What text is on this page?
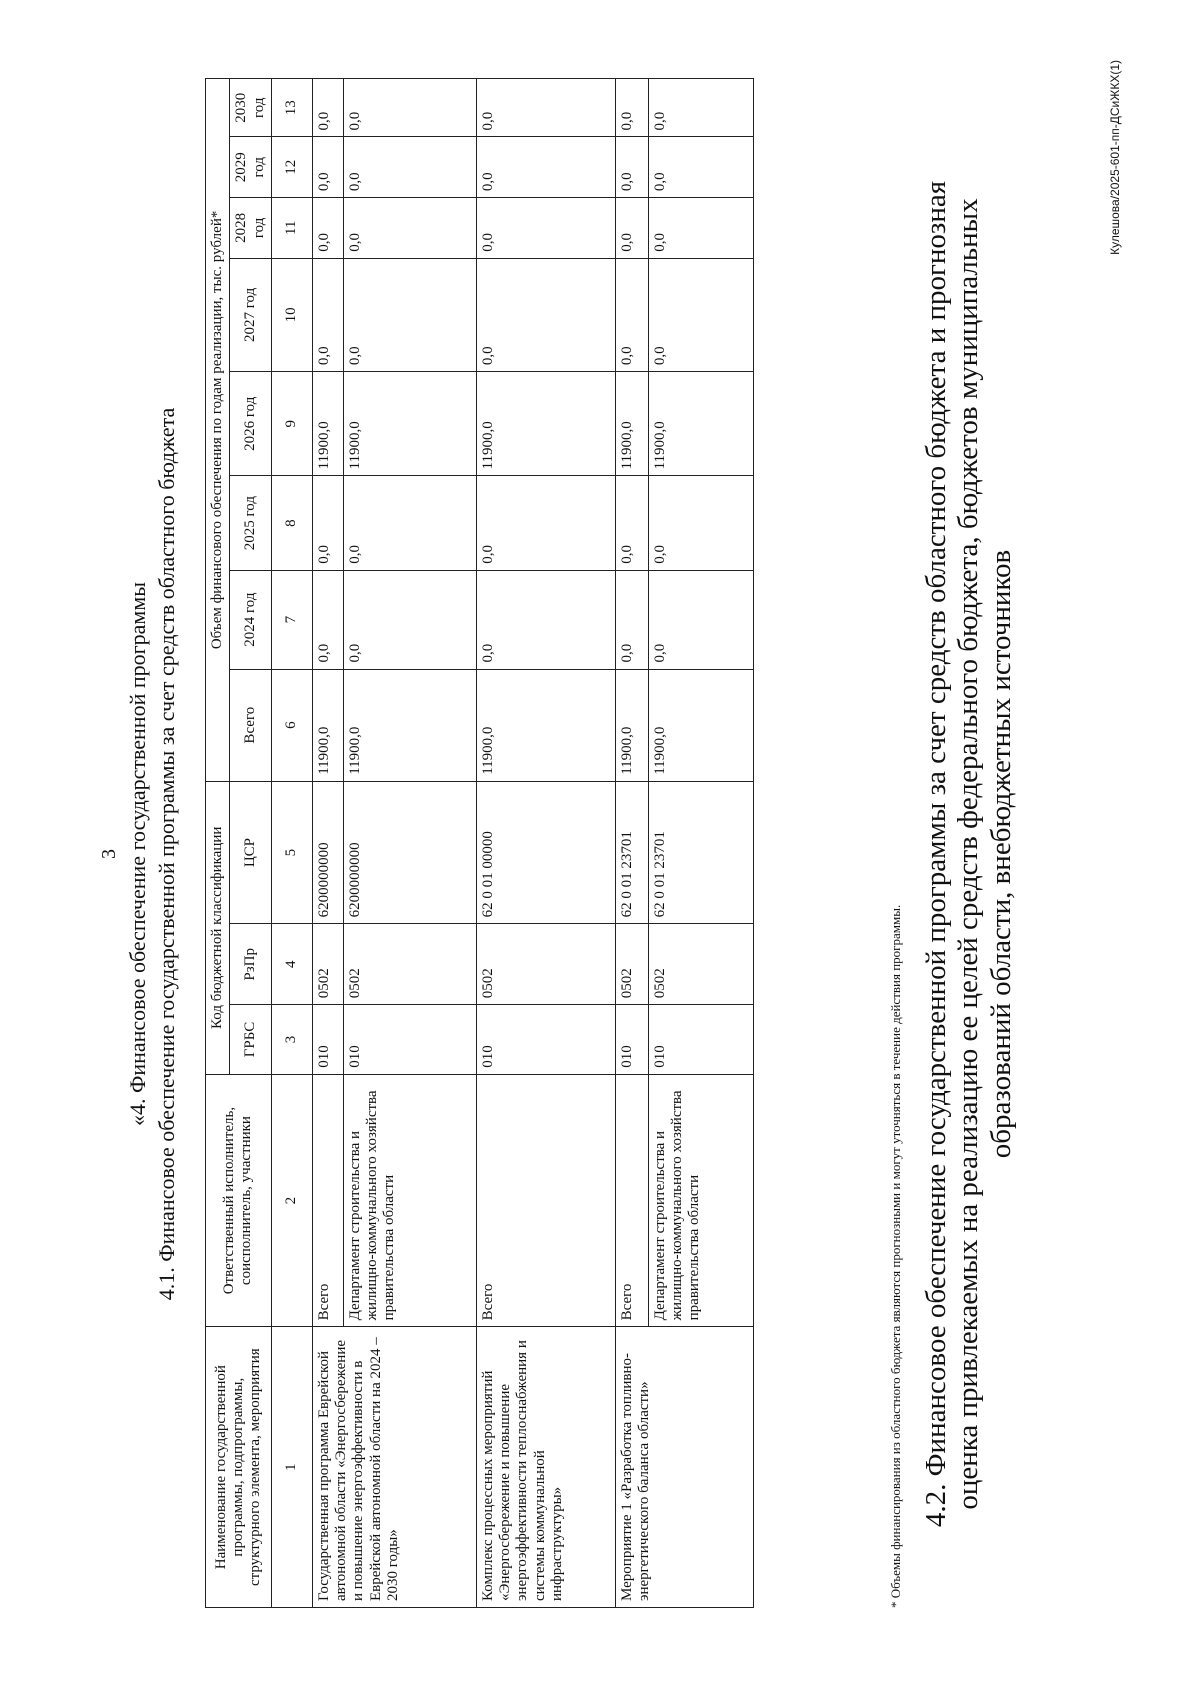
3 «4. Финансовое обеспечение государственной программы 4.1. Финансовое обеспечение государственной программы за счет средств областного бюджета
Наименование государственной программы, подпрограммы, структурного элемента, мероприятия	Ответственный исполнитель, соисполнитель, участники	Код бюджетной классификации			Объем финансового обеспечения по годам реализации, тыс. рублей*							
		ГРБС	РзПр	ЦСР	Всего	2024 год	2025 год	2026 год	2027 год	2028 год	2029 год	2030 год
1	2	3	4	5	6	7	8	9	10	11	12	13
Государственная программа Еврейской автономной области «Энергосбережение и повышение энергоэффективности в Еврейской автономной области на 2024 – 2030 годы»	Всего	010	0502	6200000000	11900,0	0,0	0,0	11900,0	0,0	0,0	0,0	0,0
	Департамент строительства и жилищно-коммунального хозяйства правительства области	010	0502	6200000000	11900,0	0,0	0,0	11900,0	0,0	0,0	0,0	0,0
Комплекс процессных мероприятий «Энергосбережение и повышение энергоэффективности теплоснабжения и системы коммунальной инфраструктуры»	Всего	010	0502	62 0 01 00000	11900,0	0,0	0,0	11900,0	0,0	0,0	0,0	0,0
Мероприятие 1 «Разработка топливно-энергетического баланса области»	Всего	010	0502	62 0 01 23701	11900,0	0,0	0,0	11900,0	0,0	0,0	0,0	0,0
	Департамент строительства и жилищно-коммунального хозяйства правительства области	010	0502	62 0 01 23701	11900,0	0,0	0,0	11900,0	0,0	0,0	0,0	0,0
* Объемы финансирования из областного бюджета являются прогнозными и могут уточняться в течение действия программы. 4.2. Финансовое обеспечение государственной программы за счет средств областного бюджета и прогнозная оценка привлекаемых на реализацию ее целей средств федерального бюджета, бюджетов муниципальных образований области, внебюджетных источников
Кулешова/2025-601-пп-ДСиЖКХ(1)
